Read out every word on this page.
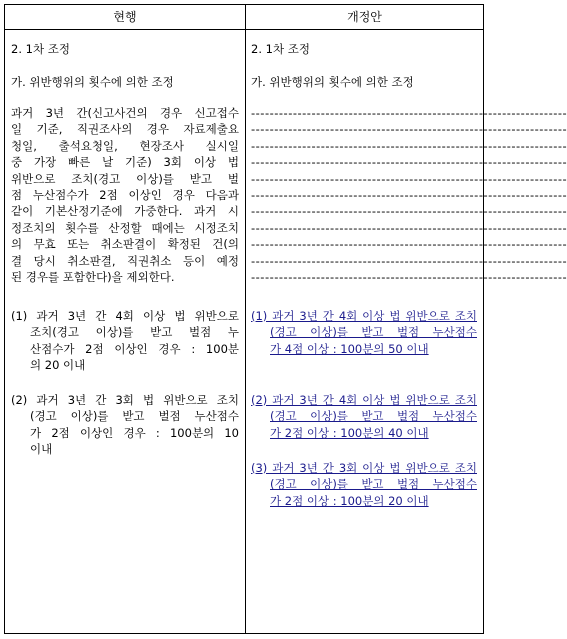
현행	개정안
2. 1차 조정
가. 위반행위의 횟수에 의한 조정
과거 3년 간(신고사건의 경우 신고접수
일 기준, 직권조사의 경우 자료제출요
청일, 출석요청일, 현장조사 실시일
중 가장 빠른 날 기준) 3회 이상 법
위반으로 조치(경고 이상)를 받고 벌
점 누산점수가 2점 이상인 경우 다음과
같이 기본산정기준에 가중한다. 과거 시
정조치의 횟수를 산정할 때에는 시정조치
의 무효 또는 취소판결이 확정된 건(의
결 당시 취소판결, 직권취소 등이 예정
된 경우를 포함한다)을 제외한다.
(1) 과거 3년 간 4회 이상 법 위반으로
조치(경고 이상)를 받고 벌점 누
산점수가 2점 이상인 경우 : 100분
의 20 이내
(2) 과거 3년 간 3회 법 위반으로 조치
(경고 이상)를 받고 벌점 누산점수
가 2점 이상인 경우 : 100분의 10
이내
2. 1차 조정
가. 위반행위의 횟수에 의한 조정
--------------------------------------------------------------------
--------------------------------------------------------------------
--------------------------------------------------------------------
--------------------------------------------------------------------
--------------------------------------------------------------------
--------------------------------------------------------------------
--------------------------------------------------------------------
--------------------------------------------------------------------
--------------------------------------------------------------------
--------------------------------------------------------------------
--------------------------------------------------------------------
(1) 과거 3년 간 4회 이상 법 위반으로 조치
(경고 이상)를 받고 벌점 누산점수
가 4점 이상 : 100분의 50 이내
(2) 과거 3년 간 4회 이상 법 위반으로 조치
(경고 이상)를 받고 벌점 누산점수
가 2점 이상 : 100분의 40 이내
(3) 과거 3년 간 3회 이상 법 위반으로 조치
(경고 이상)를 받고 벌점 누산점수
가 2점 이상 : 100분의 20 이내
